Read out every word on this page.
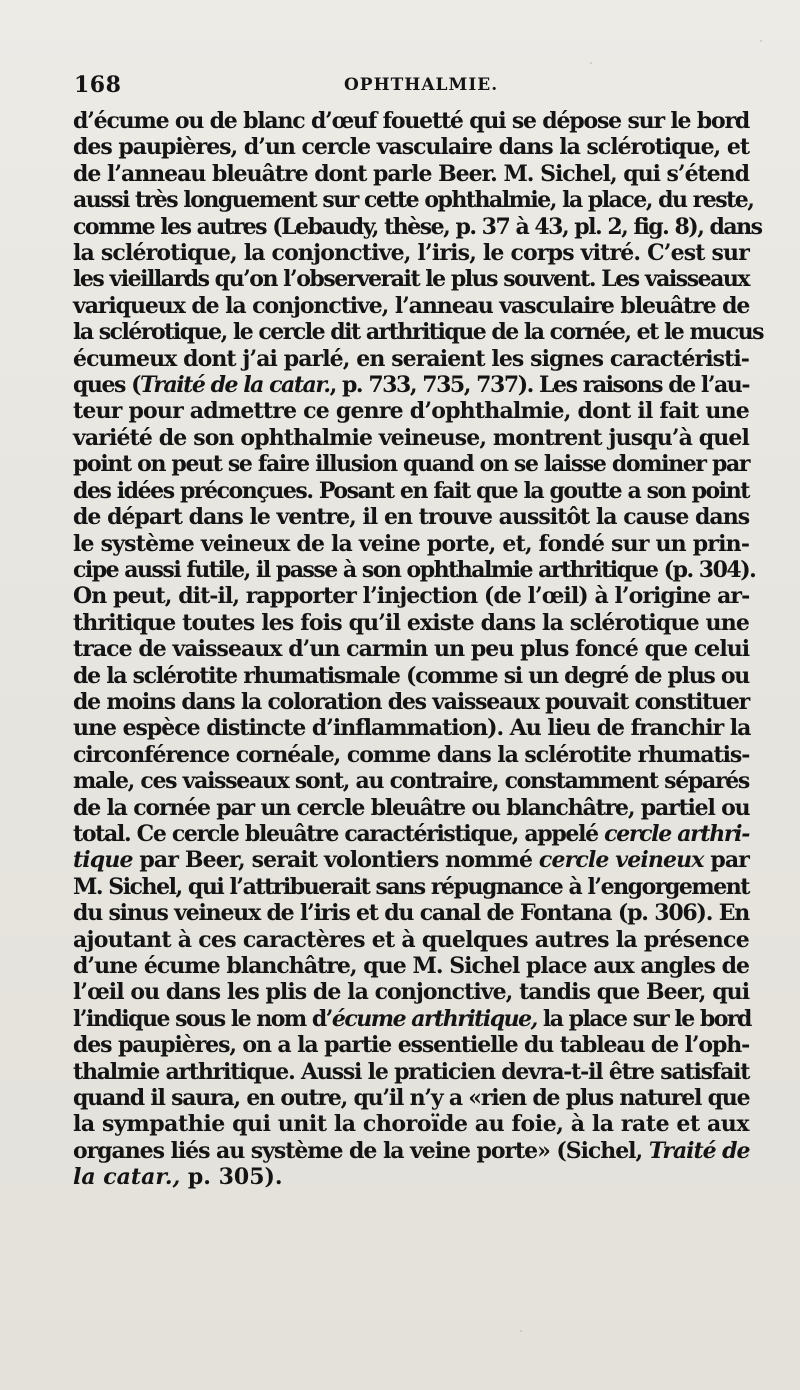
168	OPHTHALMIE.
d’écume ou de blanc d’œuf fouetté qui se dépose sur le bord
des paupières, d’un cercle vasculaire dans la sclérotique, et
de l’anneau bleuâtre dont parle Beer. M. Sichel, qui s’étend
aussi très longuement sur cette ophthalmie, la place, du reste,
comme les autres (Lebaudy, thèse, p. 37 à 43, pl. 2, fig. 8), dans
la sclérotique, la conjonctive, l’iris, le corps vitré. C’est sur
les vieillards qu’on l’observerait le plus souvent. Les vaisseaux
variqueux de la conjonctive, l’anneau vasculaire bleuâtre de
la sclérotique, le cercle dit arthritique de la cornée, et le mucus
écumeux dont j’ai parlé, en seraient les signes caractéristi-
ques (Traité de la catar., p. 733, 735, 737). Les raisons de l’au-
teur pour admettre ce genre d’ophthalmie, dont il fait une
variété de son ophthalmie veineuse, montrent jusqu’à quel
point on peut se faire illusion quand on se laisse dominer par
des idées préconçues. Posant en fait que la goutte a son point
de départ dans le ventre, il en trouve aussitôt la cause dans
le système veineux de la veine porte, et, fondé sur un prin-
cipe aussi futile, il passe à son ophthalmie arthritique (p. 304).
On peut, dit-il, rapporter l’injection (de l’œil) à l’origine ar-
thritique toutes les fois qu’il existe dans la sclérotique une
trace de vaisseaux d’un carmin un peu plus foncé que celui
de la sclérotite rhumatismale (comme si un degré de plus ou
de moins dans la coloration des vaisseaux pouvait constituer
une espèce distincte d’inflammation). Au lieu de franchir la
circonférence cornéale, comme dans la sclérotite rhumatis-
male, ces vaisseaux sont, au contraire, constamment séparés
de la cornée par un cercle bleuâtre ou blanchâtre, partiel ou
total. Ce cercle bleuâtre caractéristique, appelé cercle arthri-
tique par Beer, serait volontiers nommé cercle veineux par
M. Sichel, qui l’attribuerait sans répugnance à l’engorgement
du sinus veineux de l’iris et du canal de Fontana (p. 306). En
ajoutant à ces caractères et à quelques autres la présence
d’une écume blanchâtre, que M. Sichel place aux angles de
l’œil ou dans les plis de la conjonctive, tandis que Beer, qui
l’indique sous le nom d’écume arthritique, la place sur le bord
des paupières, on a la partie essentielle du tableau de l’oph-
thalmie arthritique. Aussi le praticien devra-t-il être satisfait
quand il saura, en outre, qu’il n’y a «rien de plus naturel que
la sympathie qui unit la choroïde au foie, à la rate et aux
organes liés au système de la veine porte» (Sichel, Traité de
la catar., p. 305).
